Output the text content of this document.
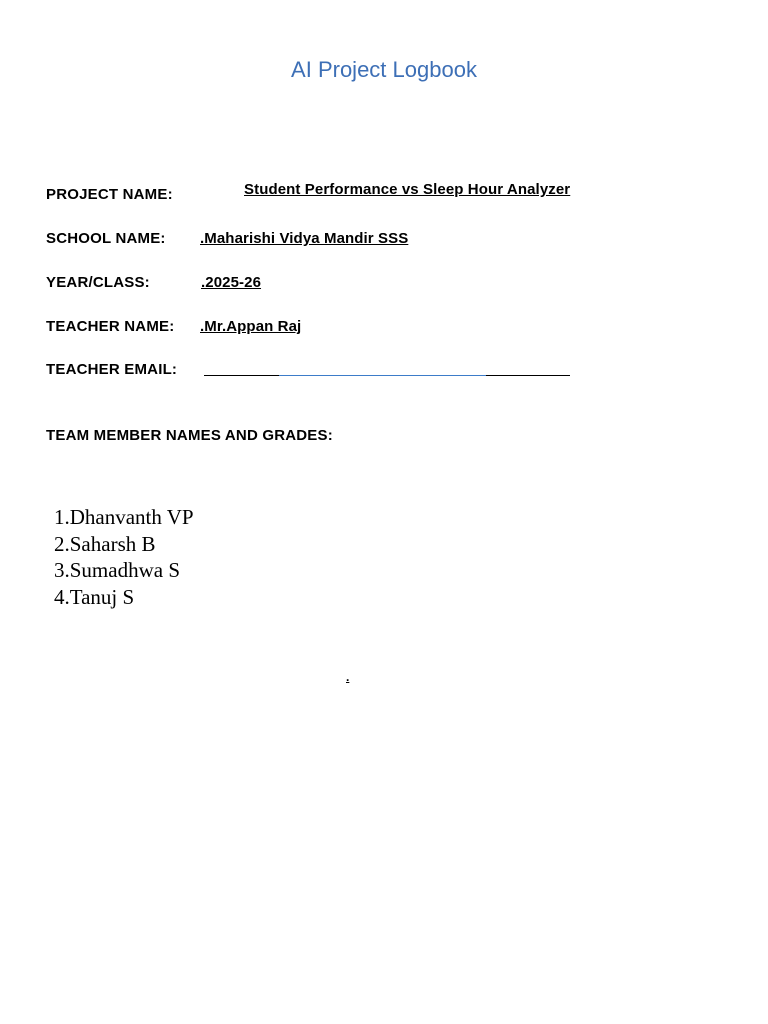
AI Project Logbook
PROJECT NAME:	Student Performance vs Sleep Hour Analyzer
SCHOOL NAME: .Maharishi Vidya Mandir SSS
YEAR/CLASS:	.2025-26
TEACHER NAME: .Mr.Appan Raj
TEACHER EMAIL:
TEAM MEMBER NAMES AND GRADES:
1.Dhanvanth VP
2.Saharsh B
3.Sumadhwa S
4.Tanuj S
.
